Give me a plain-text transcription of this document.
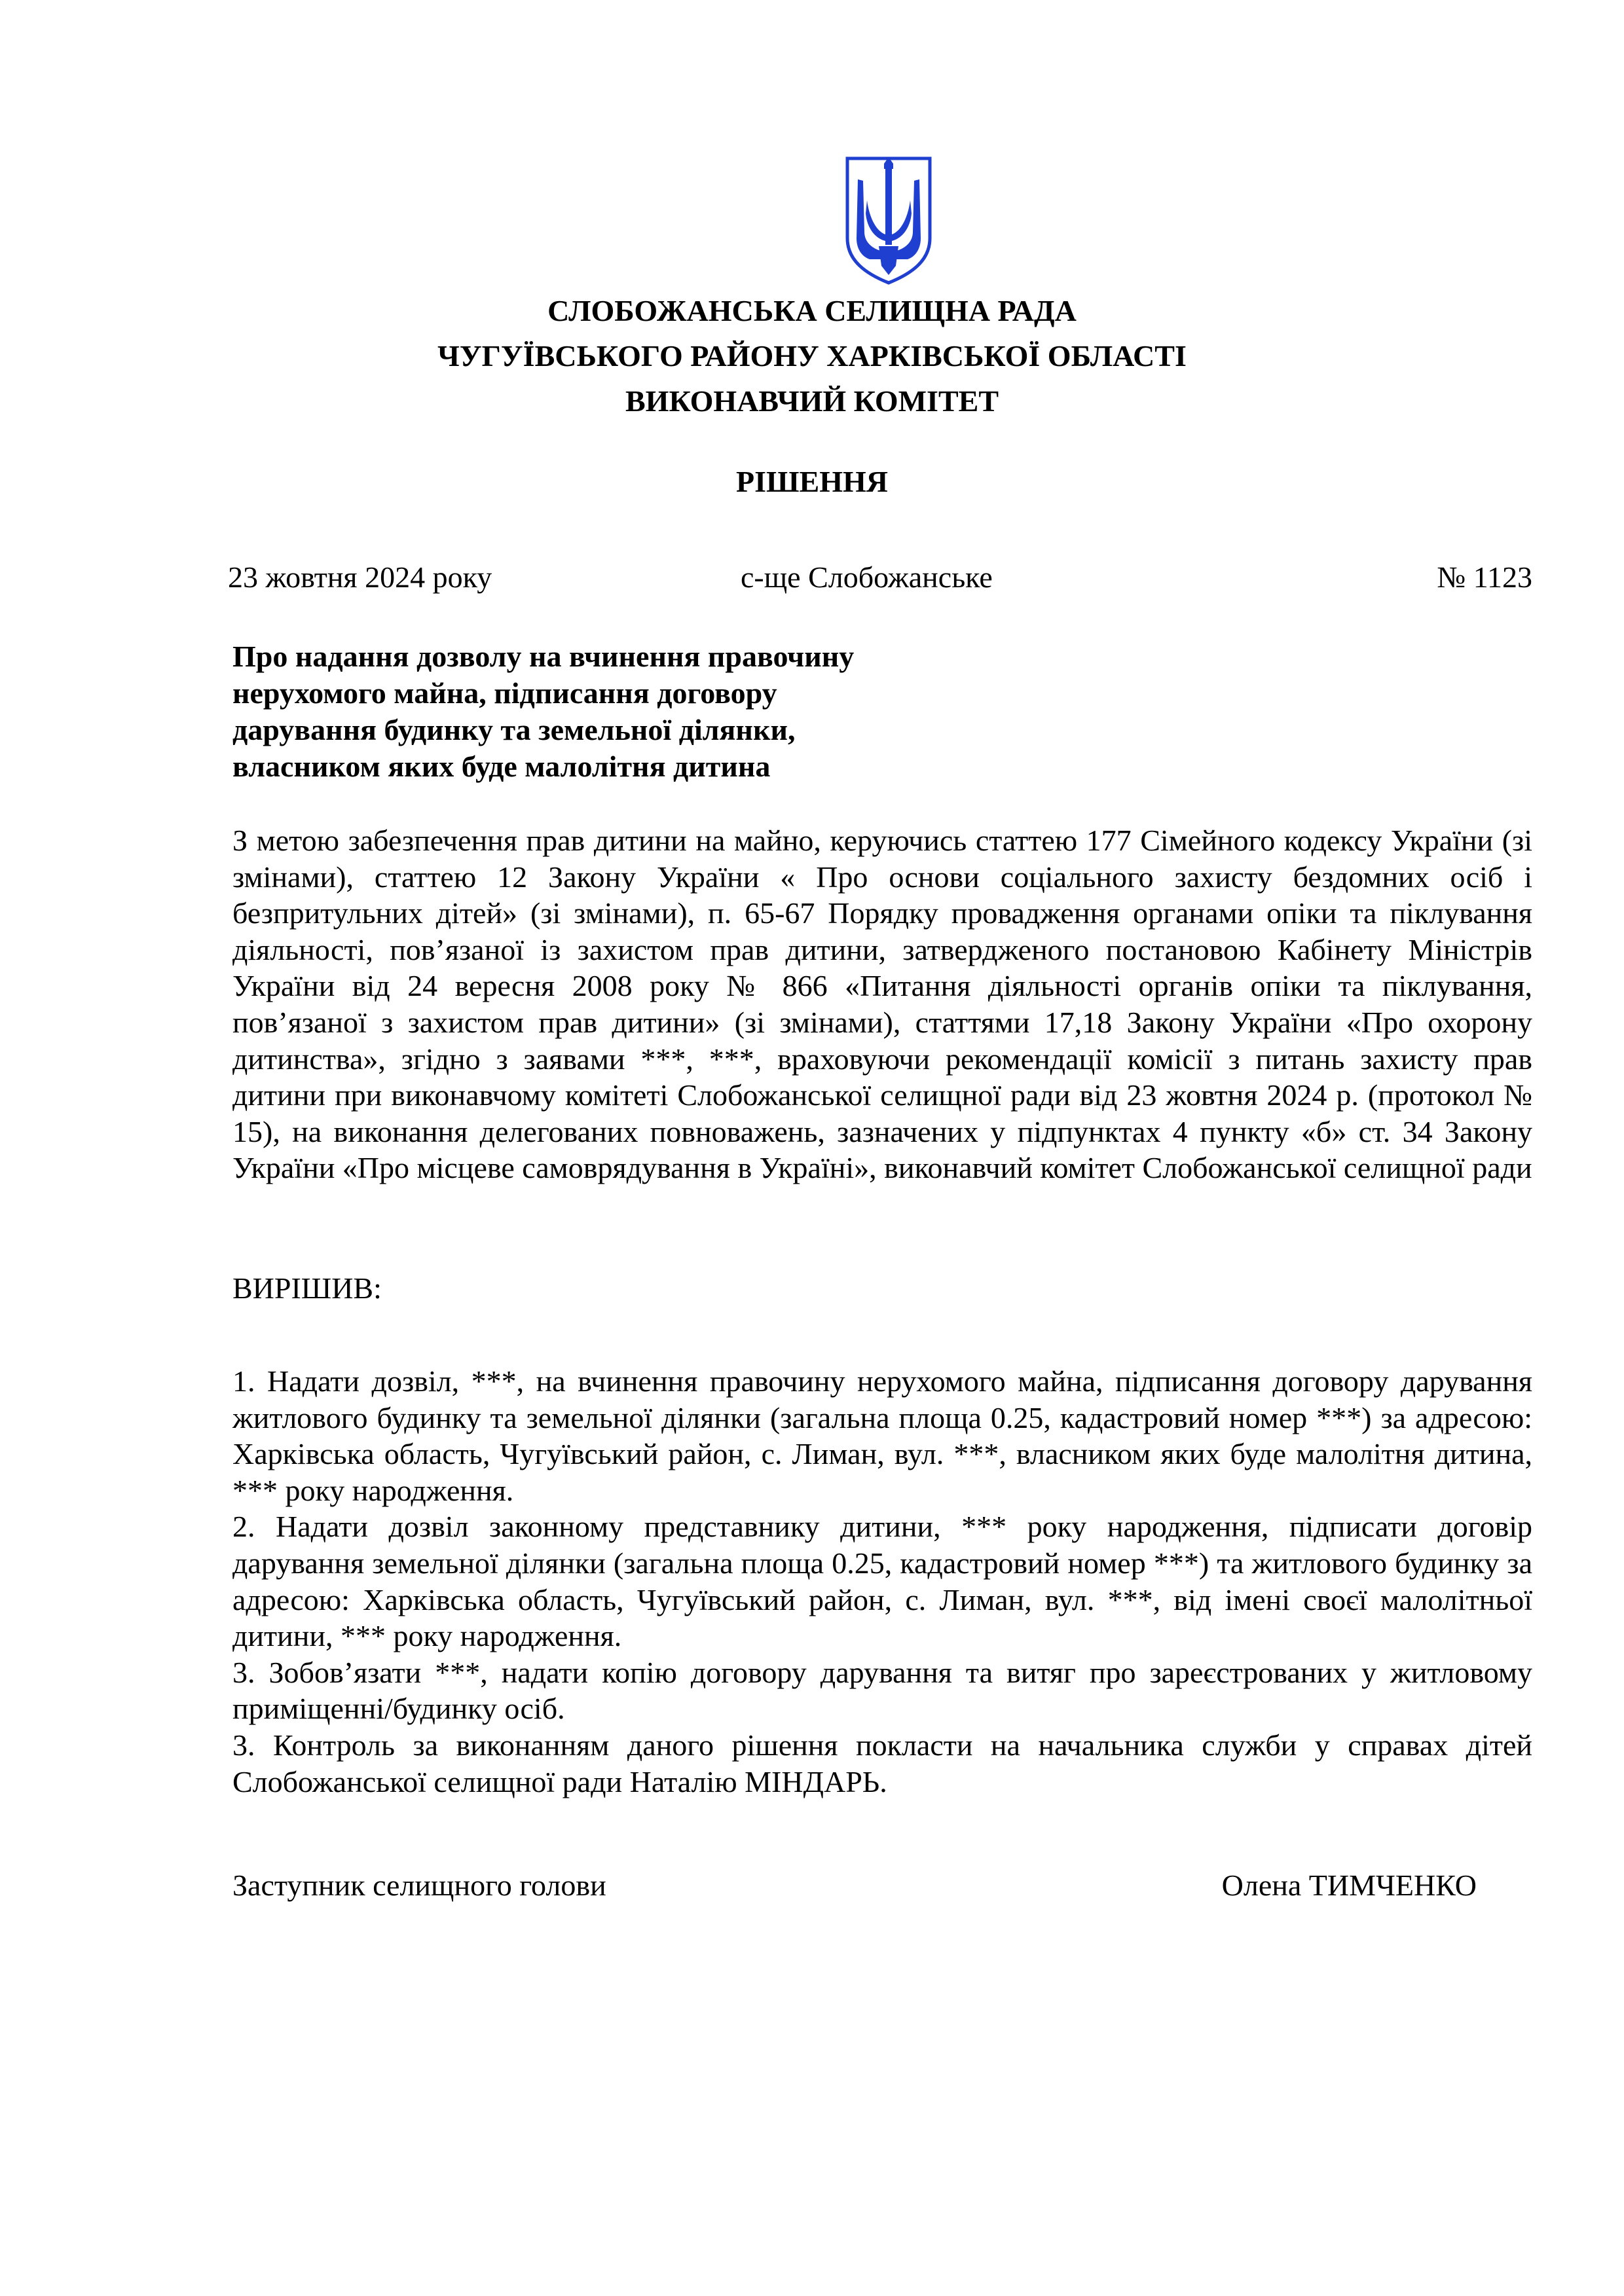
СЛОБОЖАНСЬКА СЕЛИЩНА РАДА
ЧУГУЇВСЬКОГО РАЙОНУ ХАРКІВСЬКОЇ ОБЛАСТІ
ВИКОНАВЧИЙ КОМІТЕТ
РІШЕННЯ
23 жовтня 2024 року	с-ще Слобожанське	№ 1123
Про надання дозволу на вчинення правочину
нерухомого майна, підписання договору
дарування будинку та земельної ділянки,
власником яких буде малолітня дитина
З метою забезпечення прав дитини на майно, керуючись статтею 177 Сімейного кодексу України (зі змінами), статтею 12 Закону України « Про основи соціального захисту бездомних осіб і безпритульних дітей» (зі змінами), п. 65-67 Порядку провадження органами опіки та піклування діяльності, пов’язаної із захистом прав дитини, затвердженого постановою Кабінету Міністрів України від 24 вересня 2008 року № 866 «Питання діяльності органів опіки та піклування, пов’язаної з захистом прав дитини» (зі змінами), статтями 17,18 Закону України «Про охорону дитинства», згідно з заявами ***, ***, враховуючи рекомендації комісії з питань захисту прав дитини при виконавчому комітеті Слобожанської селищної ради від 23 жовтня 2024 р. (протокол № 15), на виконання делегованих повноважень, зазначених у підпунктах 4 пункту «б» ст. 34 Закону України «Про місцеве самоврядування в Україні», виконавчий комітет Слобожанської селищної ради
ВИРІШИВ:

1. Надати дозвіл, ***, на вчинення правочину нерухомого майна, підписання договору дарування житлового будинку та земельної ділянки (загальна площа 0.25, кадастровий номер ***) за адресою: Харківська область, Чугуївський район, с. Лиман, вул. ***, власником яких буде малолітня дитина, *** року народження.

2. Надати дозвіл законному представнику дитини, *** року народження, підписати договір дарування земельної ділянки (загальна площа 0.25, кадастровий номер ***) та житлового будинку за адресою: Харківська область, Чугуївський район, с. Лиман, вул. ***, від імені своєї малолітньої дитини, *** року народження.

3. Зобов’язати ***, надати копію договору дарування та витяг про зареєстрованих у житловому приміщенні/будинку осіб.

3. Контроль за виконанням даного рішення покласти на начальника служби у справах дітей Слобожанської селищної ради Наталію МІНДАРЬ.

Заступник селищного голови	Олена ТИМЧЕНКО
